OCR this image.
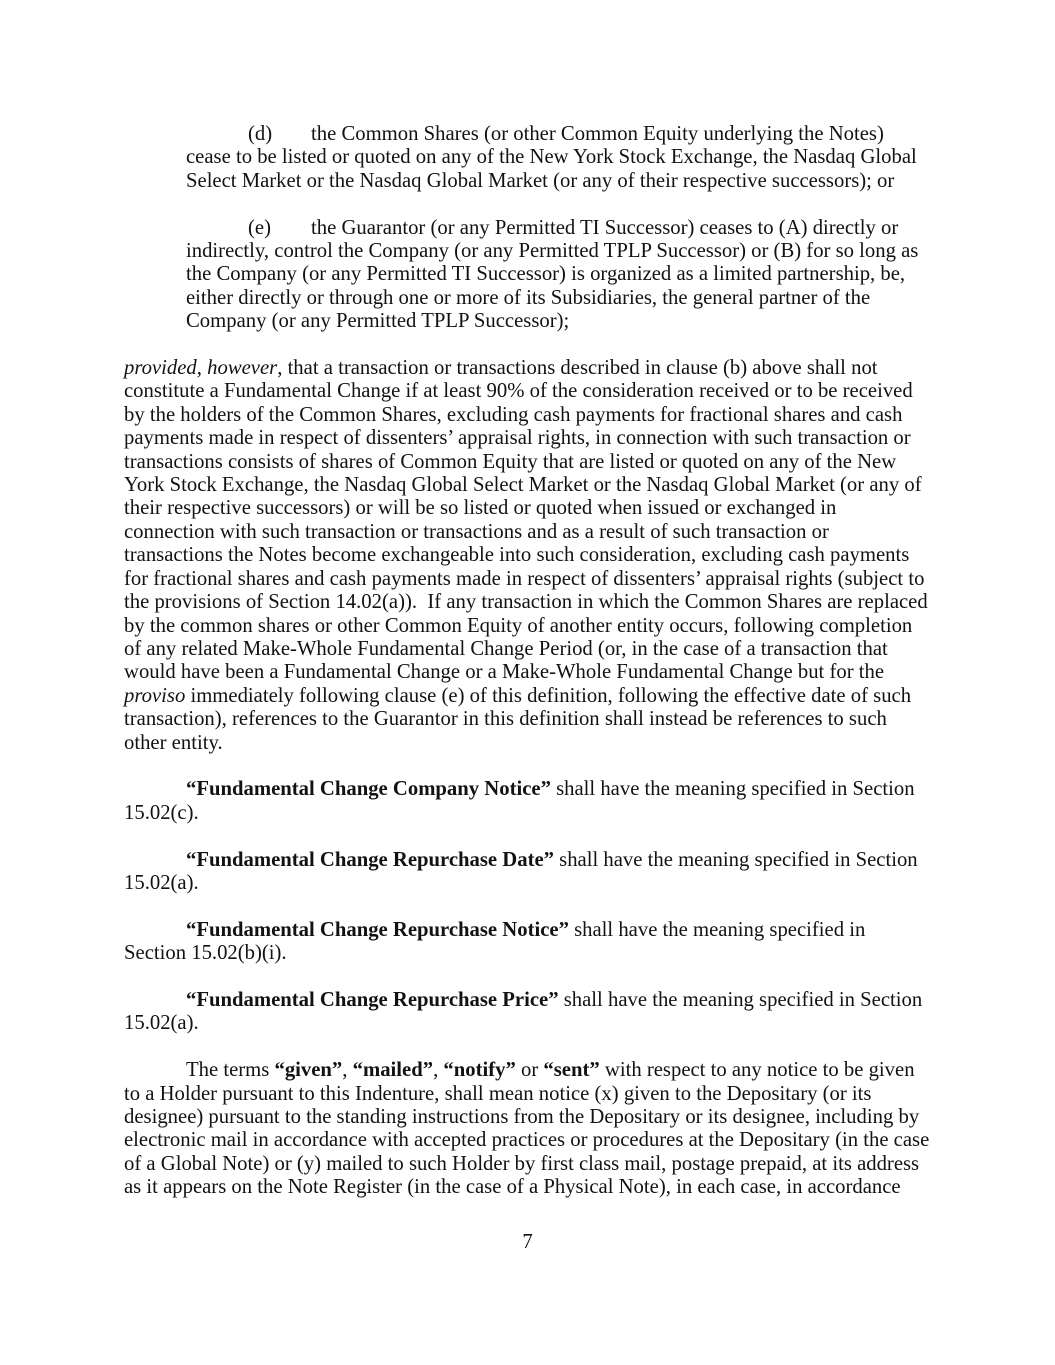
(d) the Common Shares (or other Common Equity underlying the Notes) cease to be listed or quoted on any of the New York Stock Exchange, the Nasdaq Global Select Market or the Nasdaq Global Market (or any of their respective successors); or

(e) the Guarantor (or any Permitted TI Successor) ceases to (A) directly or indirectly, control the Company (or any Permitted TPLP Successor) or (B) for so long as the Company (or any Permitted TI Successor) is organized as a limited partnership, be, either directly or through one or more of its Subsidiaries, the general partner of the Company (or any Permitted TPLP Successor);

provided, however, that a transaction or transactions described in clause (b) above shall not constitute a Fundamental Change if at least 90% of the consideration received or to be received by the holders of the Common Shares, excluding cash payments for fractional shares and cash payments made in respect of dissenters’ appraisal rights, in connection with such transaction or transactions consists of shares of Common Equity that are listed or quoted on any of the New York Stock Exchange, the Nasdaq Global Select Market or the Nasdaq Global Market (or any of their respective successors) or will be so listed or quoted when issued or exchanged in connection with such transaction or transactions and as a result of such transaction or transactions the Notes become exchangeable into such consideration, excluding cash payments for fractional shares and cash payments made in respect of dissenters’ appraisal rights (subject to the provisions of Section 14.02(a)).  If any transaction in which the Common Shares are replaced by the common shares or other Common Equity of another entity occurs, following completion of any related Make-Whole Fundamental Change Period (or, in the case of a transaction that would have been a Fundamental Change or a Make-Whole Fundamental Change but for the proviso immediately following clause (e) of this definition, following the effective date of such transaction), references to the Guarantor in this definition shall instead be references to such other entity.

“Fundamental Change Company Notice” shall have the meaning specified in Section 15.02(c).

“Fundamental Change Repurchase Date” shall have the meaning specified in Section 15.02(a).

“Fundamental Change Repurchase Notice” shall have the meaning specified in Section 15.02(b)(i).

“Fundamental Change Repurchase Price” shall have the meaning specified in Section 15.02(a).

The terms “given”, “mailed”, “notify” or “sent” with respect to any notice to be given to a Holder pursuant to this Indenture, shall mean notice (x) given to the Depositary (or its designee) pursuant to the standing instructions from the Depositary or its designee, including by electronic mail in accordance with accepted practices or procedures at the Depositary (in the case of a Global Note) or (y) mailed to such Holder by first class mail, postage prepaid, at its address as it appears on the Note Register (in the case of a Physical Note), in each case, in accordance

7
